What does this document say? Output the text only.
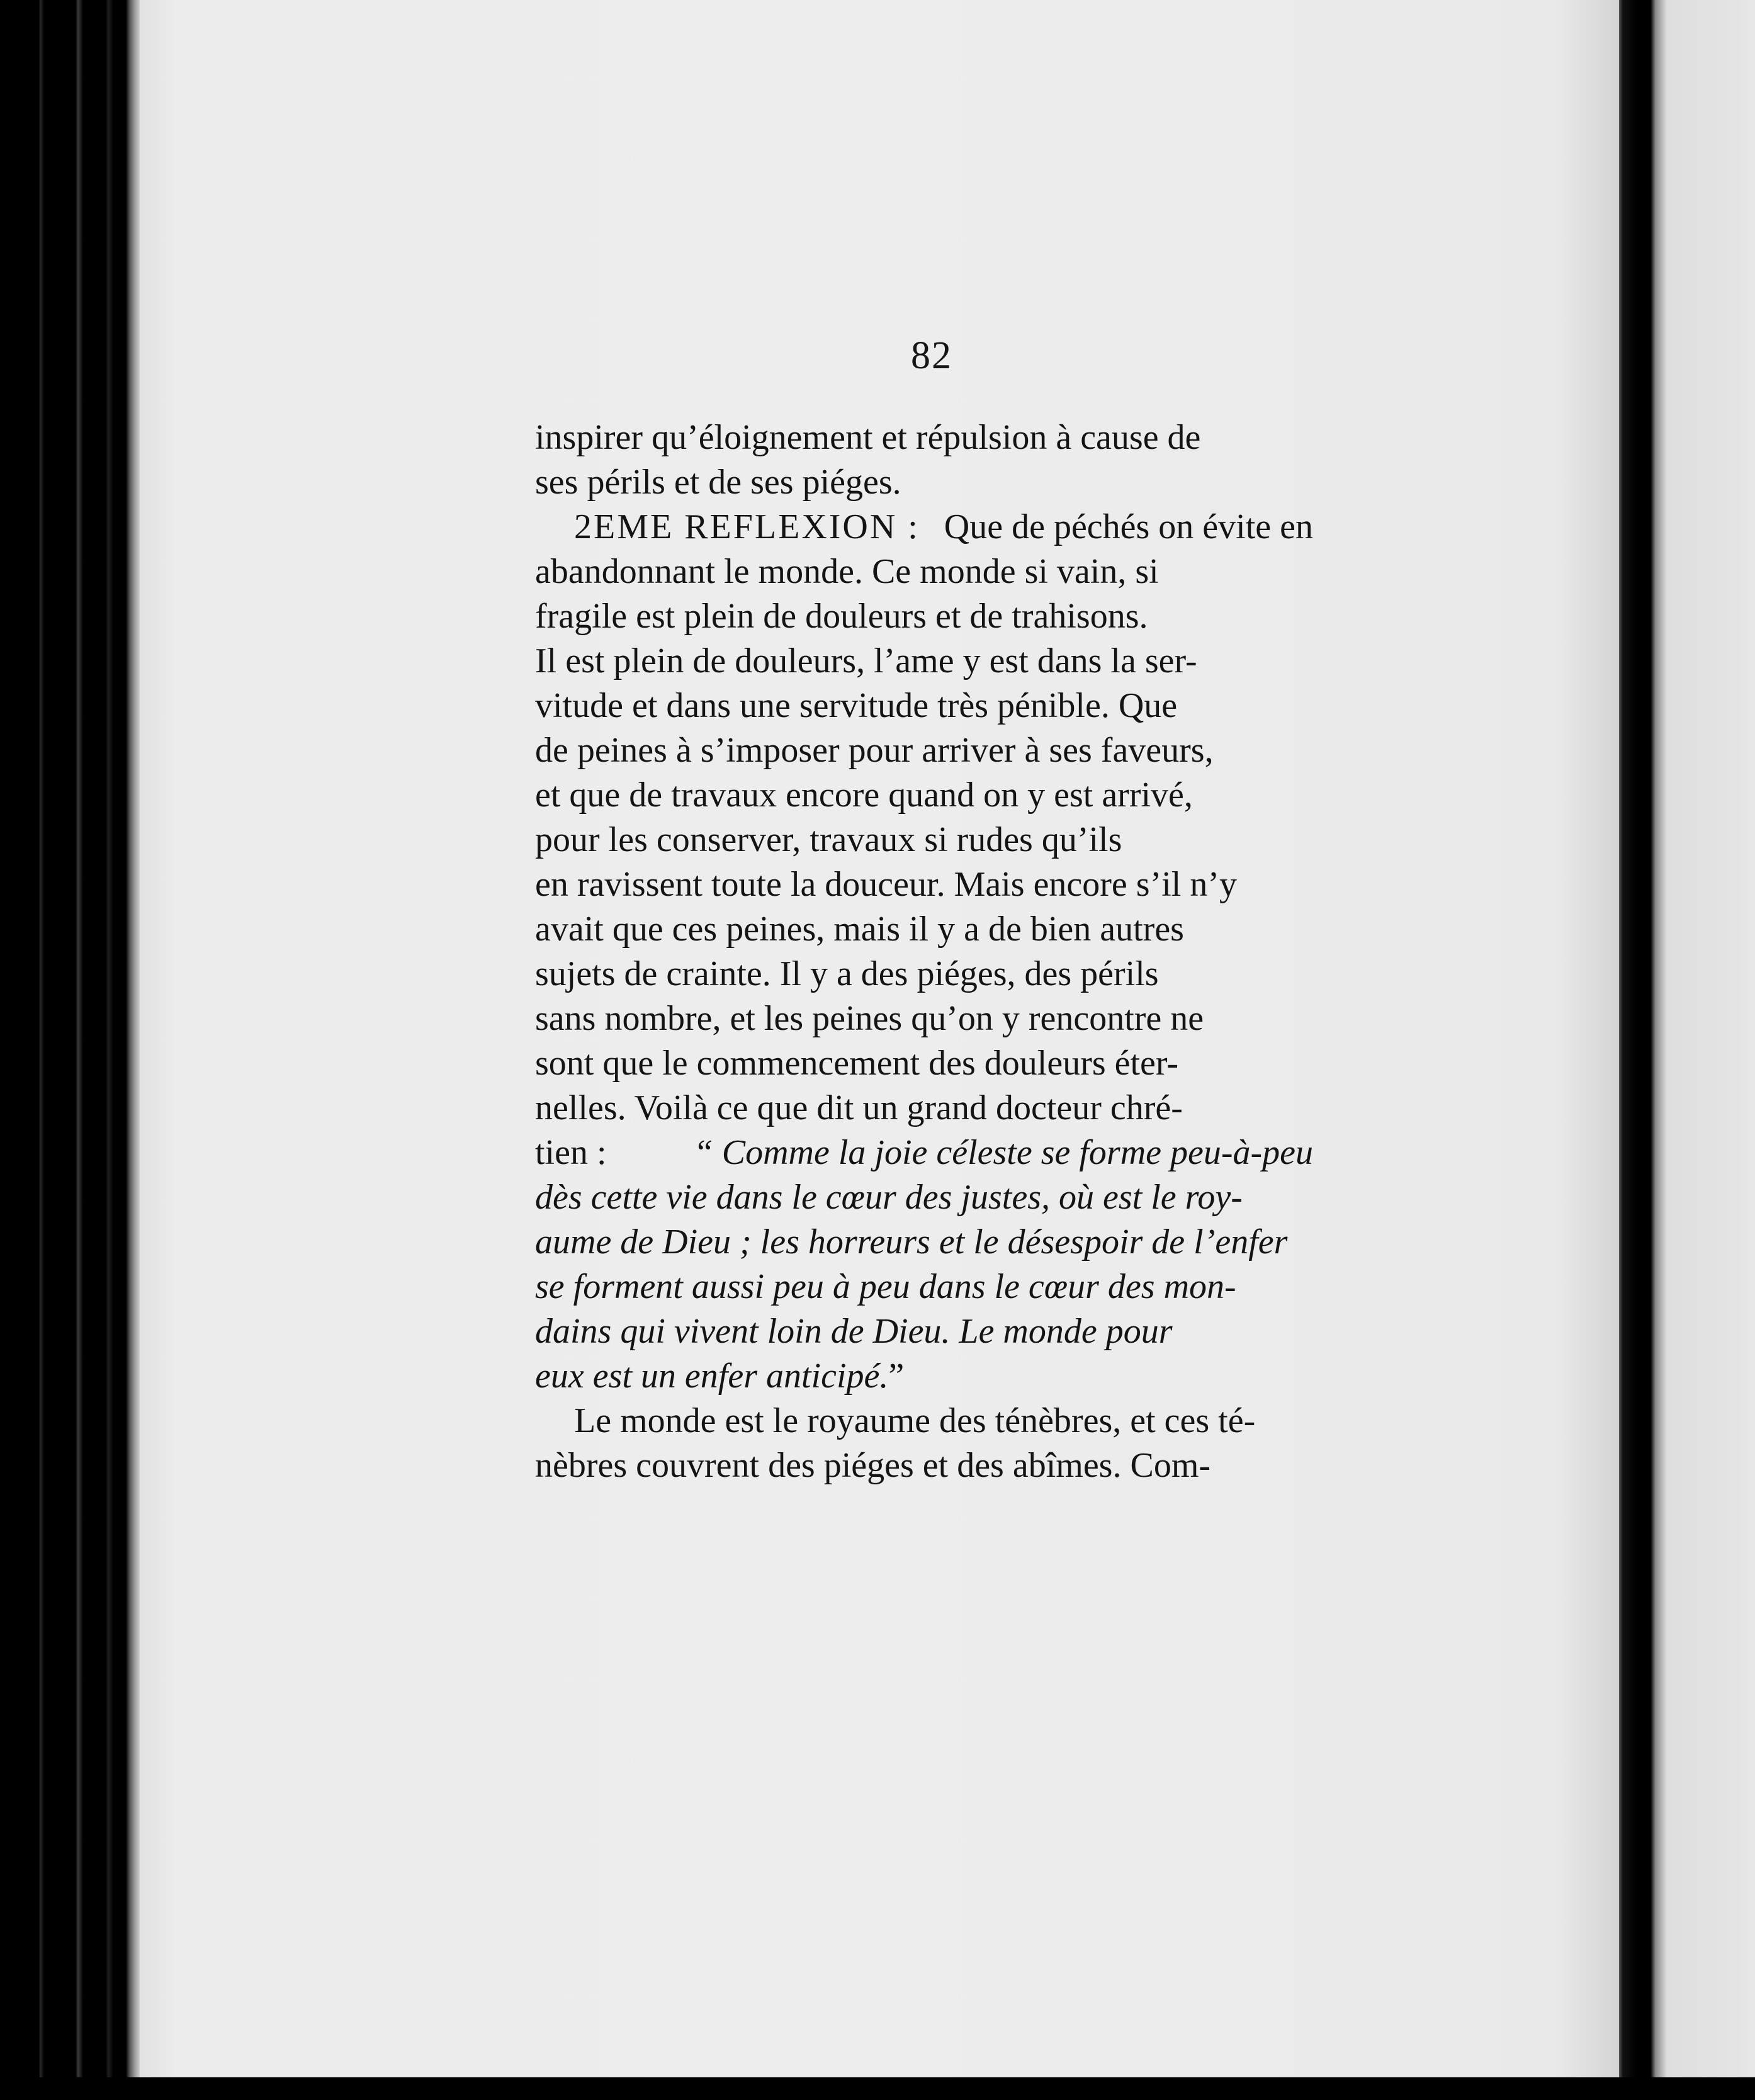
82
inspirer qu’éloignement et répulsion à cause de
ses périls et de ses piéges.
2EME REFLEXION : Que de péchés on évite en
abandonnant le monde. Ce monde si vain, si
fragile est plein de douleurs et de trahisons.
Il est plein de douleurs, l’ame y est dans la ser-
vitude et dans une servitude très pénible. Que
de peines à s’imposer pour arriver à ses faveurs,
et que de travaux encore quand on y est arrivé,
pour les conserver, travaux si rudes qu’ils
en ravissent toute la douceur. Mais encore s’il n’y
avait que ces peines, mais il y a de bien autres
sujets de crainte. Il y a des piéges, des périls
sans nombre, et les peines qu’on y rencontre ne
sont que le commencement des douleurs éter-
nelles. Voilà ce que dit un grand docteur chré-
tien : “ Comme la joie céleste se forme peu-à-peu
dès cette vie dans le cœur des justes, où est le roy-
aume de Dieu ; les horreurs et le désespoir de l’enfer
se forment aussi peu à peu dans le cœur des mon-
dains qui vivent loin de Dieu. Le monde pour
eux est un enfer anticipé. ”
Le monde est le royaume des ténèbres, et ces té-
nèbres couvrent des piéges et des abîmes. Com-
